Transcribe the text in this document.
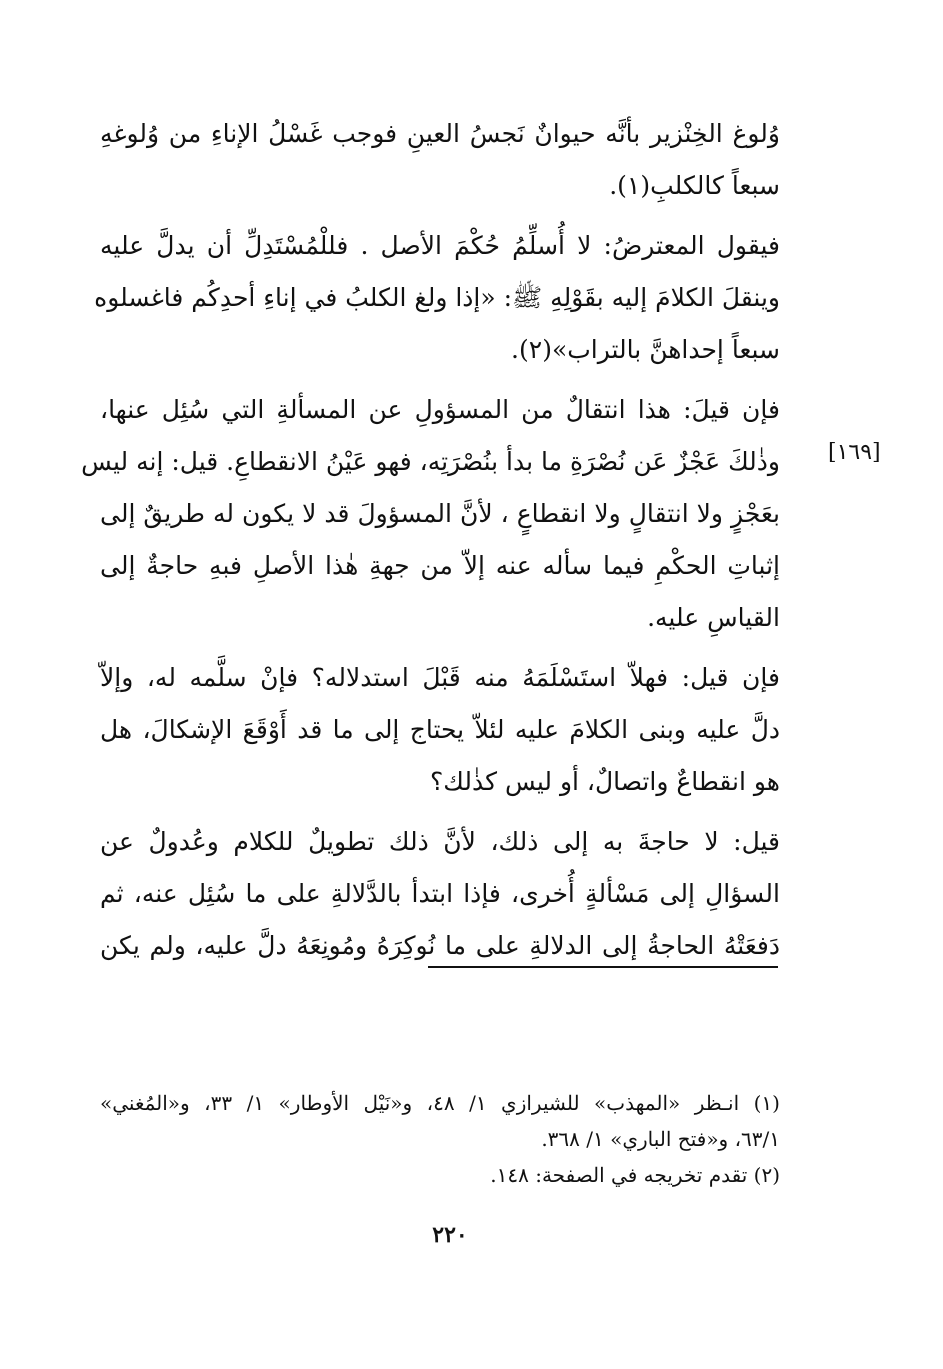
[١٦٩]

وُلوغ الخِنْزير بأنَّه حيوانٌ نَجسُ العينِ فوجب غَسْلُ الإناءِ من وُلوغهِ
سبعاً كالكلبِ(١).

فيقول المعترضُ: لا أُسلِّمُ حُكْمَ الأصل . فللْمُسْتَدِلِّ أن يدلَّ عليه
وينقلَ الكلامَ إليه بقَوْلِهِ ﷺ: «إذا ولغ الكلبُ في إناءِ أحدِكُم فاغسلوه
سبعاً إحداهنَّ بالتراب»(٢).

فإن قيلَ: هذا انتقالٌ من المسؤولِ عن المسألةِ التي سُئِل عنها،
وذٰلكَ عَجْزٌ عَن نُصْرَةِ ما بدأ بنُصْرَتِه، فهو عَيْنُ الانقطاعِ. قيل: إنه ليس
بعَجْزٍ ولا انتقالٍ ولا انقطاعٍ ، لأنَّ المسؤولَ قد لا يكون له طريقٌ إلى
إثباتِ الحكْمِ فيما سأله عنه إلاّ من جهةِ هٰذا الأصلِ فبهِ حاجةٌ إلى
القياسِ عليه.

فإن قيل: فهلاّ استَسْلَمَهُ منه قَبْلَ استدلاله؟ فإنْ سلَّمه له، وإلاّ
دلَّ عليه وبنى الكلامَ عليه لئلاّ يحتاج إلى ما قد أَوْقَعَ الإشكالَ، هل
هو انقطاعٌ واتصالٌ، أو ليس كذٰلك؟

قيل: لا حاجةَ به إلى ذلك، لأنَّ ذلك تطويلٌ للكلام وعُدولٌ عن
السؤالِ إلى مَسْألةٍ أُخرى، فإذا ابتدأ بالدَّلالةِ على ما سُئِل عنه، ثم
دَفعَتْهُ الحاجةُ إلى الدلالةِ على ما نُوكِرَهُ ومُونِعَهُ دلَّ عليه، ولم يكن

(١) انـظر «المهذب» للشيرازي ١/ ٤٨، و«نَيْل الأوطار» ١/ ٣٣، و«المُغني»
٦٣/١، و«فتح الباري» ١/ ٣٦٨.

(٢) تقدم تخريجه في الصفحة: ١٤٨.

٢٢٠
